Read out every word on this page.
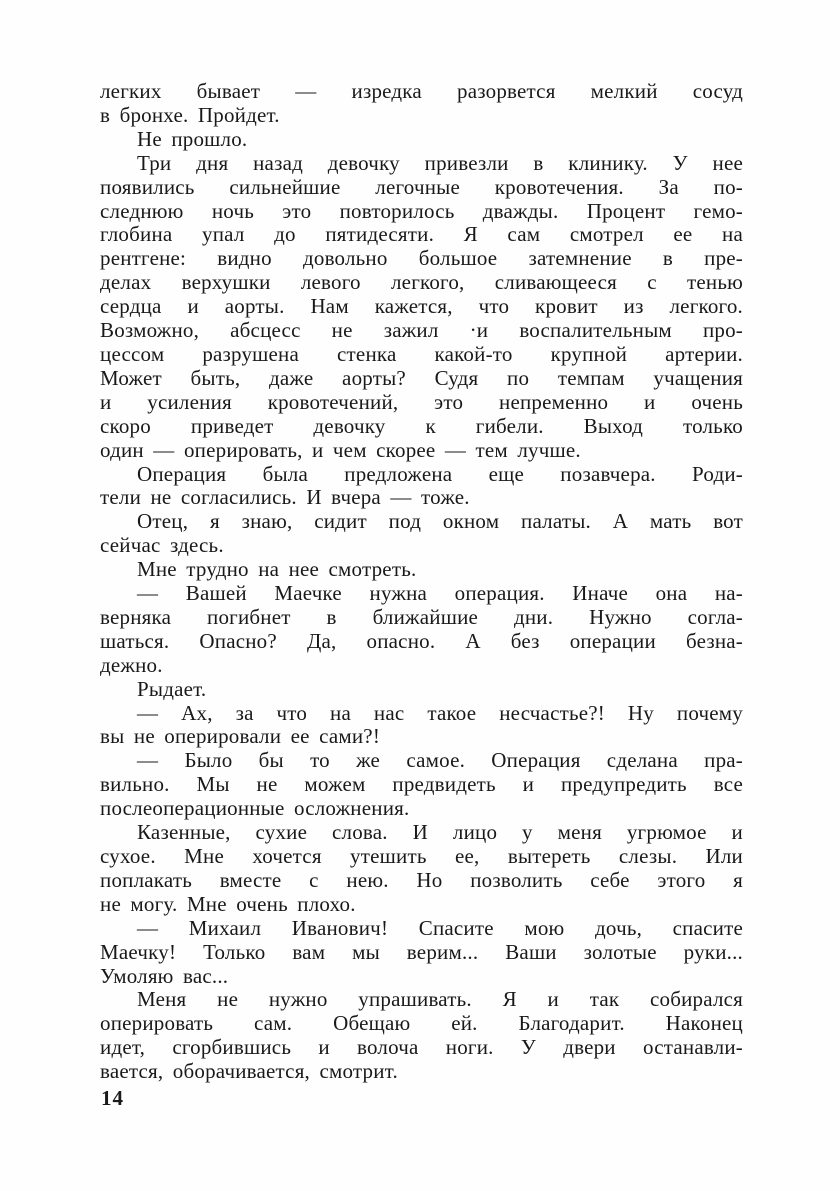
легких бывает — изредка разорвется мелкий сосуд
в бронхе. Пройдет.
Не прошло.
Три дня назад девочку привезли в клинику. У нее
появились сильнейшие легочные кровотечения. За по-
следнюю ночь это повторилось дважды. Процент гемо-
глобина упал до пятидесяти. Я сам смотрел ее на
рентгене: видно довольно большое затемнение в пре-
делах верхушки левого легкого, сливающееся с тенью
сердца и аорты. Нам кажется, что кровит из легкого.
Возможно, абсцесс не зажил ·и воспалительным про-
цессом разрушена стенка какой-то крупной артерии.
Может быть, даже аорты? Судя по темпам учащения
и усиления кровотечений, это непременно и очень
скоро приведет девочку к гибели. Выход только
один — оперировать, и чем скорее — тем лучше.
Операция была предложена еще позавчера. Роди-
тели не согласились. И вчера — тоже.
Отец, я знаю, сидит под окном палаты. А мать вот
сейчас здесь.
Мне трудно на нее смотреть.
— Вашей Маечке нужна операция. Иначе она на-
верняка погибнет в ближайшие дни. Нужно согла-
шаться. Опасно? Да, опасно. А без операции безна-
дежно.
Рыдает.
— Ах, за что на нас такое несчастье?! Ну почему
вы не оперировали ее сами?!
— Было бы то же самое. Операция сделана пра-
вильно. Мы не можем предвидеть и предупредить все
послеоперационные осложнения.
Казенные, сухие слова. И лицо у меня угрюмое и
сухое. Мне хочется утешить ее, вытереть слезы. Или
поплакать вместе с нею. Но позволить себе этого я
не могу. Мне очень плохо.
— Михаил Иванович! Спасите мою дочь, спасите
Маечку! Только вам мы верим... Ваши золотые руки...
Умоляю вас...
Меня не нужно упрашивать. Я и так собирался
оперировать сам. Обещаю ей. Благодарит. Наконец
идет, сгорбившись и волоча ноги. У двери останавли-
вается, оборачивается, смотрит.
14
